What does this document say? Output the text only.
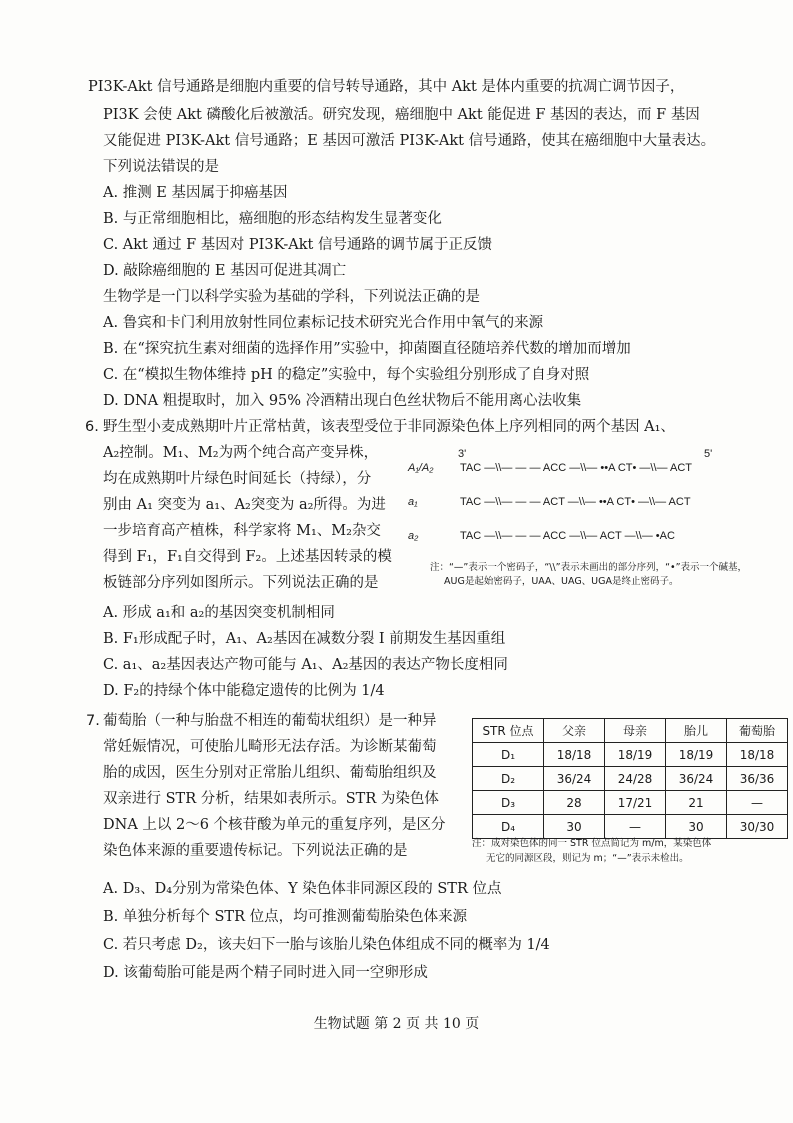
PI3K-Akt 信号通路是细胞内重要的信号转导通路，其中 Akt 是体内重要的抗凋亡调节因子，
PI3K 会使 Akt 磷酸化后被激活。研究发现，癌细胞中 Akt 能促进 F 基因的表达，而 F 基因
又能促进 PI3K-Akt 信号通路；E 基因可激活 PI3K-Akt 信号通路，使其在癌细胞中大量表达。
下列说法错误的是
A. 推测 E 基因属于抑癌基因
B. 与正常细胞相比，癌细胞的形态结构发生显著变化
C. Akt 通过 F 基因对 PI3K-Akt 信号通路的调节属于正反馈
D. 敲除癌细胞的 E 基因可促进其凋亡
生物学是一门以科学实验为基础的学科，下列说法正确的是
A. 鲁宾和卡门利用放射性同位素标记技术研究光合作用中氧气的来源
B. 在“探究抗生素对细菌的选择作用”实验中，抑菌圈直径随培养代数的增加而增加
C. 在“模拟生物体维持 pH 的稳定”实验中，每个实验组分别形成了自身对照
D. DNA 粗提取时，加入 95% 冷酒精出现白色丝状物后不能用离心法收集
6. 野生型小麦成熟期叶片正常枯黄，该表型受位于非同源染色体上序列相同的两个基因 A₁、
A₂控制。M₁、M₂为两个纯合高产变异株，
均在成熟期叶片绿色时间延长（持绿），分
别由 A₁ 突变为 a₁、A₂突变为 a₂所得。为进
一步培育高产植株，科学家将 M₁、M₂杂交
得到 F₁，F₁自交得到 F₂。上述基因转录的模
板链部分序列如图所示。下列说法正确的是
3'	5'
A₁/A₂	TAC —\\— — — ACC —\\— ••A CT• —\\— ACT
a₁	TAC —\\— — — ACT —\\— ••A CT• —\\— ACT
a₂	TAC —\\— — — ACC —\\— ACT —\\— •AC
注：“—”表示一个密码子，“\\”表示未画出的部分序列，“•”表示一个碱基，
AUG是起始密码子，UAA、UAG、UGA是终止密码子。
A. 形成 a₁和 a₂的基因突变机制相同
B. F₁形成配子时，A₁、A₂基因在减数分裂 I 前期发生基因重组
C. a₁、a₂基因表达产物可能与 A₁、A₂基因的表达产物长度相同
D. F₂的持绿个体中能稳定遗传的比例为 1/4
7. 葡萄胎（一种与胎盘不相连的葡萄状组织）是一种异
常妊娠情况，可使胎儿畸形无法存活。为诊断某葡萄
胎的成因，医生分别对正常胎儿组织、葡萄胎组织及
双亲进行 STR 分析，结果如表所示。STR 为染色体
DNA 上以 2～6 个核苷酸为单元的重复序列，是区分
染色体来源的重要遗传标记。下列说法正确的是
STR 位点	父亲	母亲	胎儿	葡萄胎
D₁	18/18	18/19	18/19	18/18
D₂	36/24	24/28	36/24	36/36
D₃	28	17/21	21	—
D₄	30	—	30	30/30
注：成对染色体的同一 STR 位点简记为 m/m，某染色体
无它的同源区段，则记为 m；“—”表示未检出。
A. D₃、D₄分别为常染色体、Y 染色体非同源区段的 STR 位点
B. 单独分析每个 STR 位点，均可推测葡萄胎染色体来源
C. 若只考虑 D₂，该夫妇下一胎与该胎儿染色体组成不同的概率为 1/4
D. 该葡萄胎可能是两个精子同时进入同一空卵形成
生物试题 第 2 页 共 10 页
